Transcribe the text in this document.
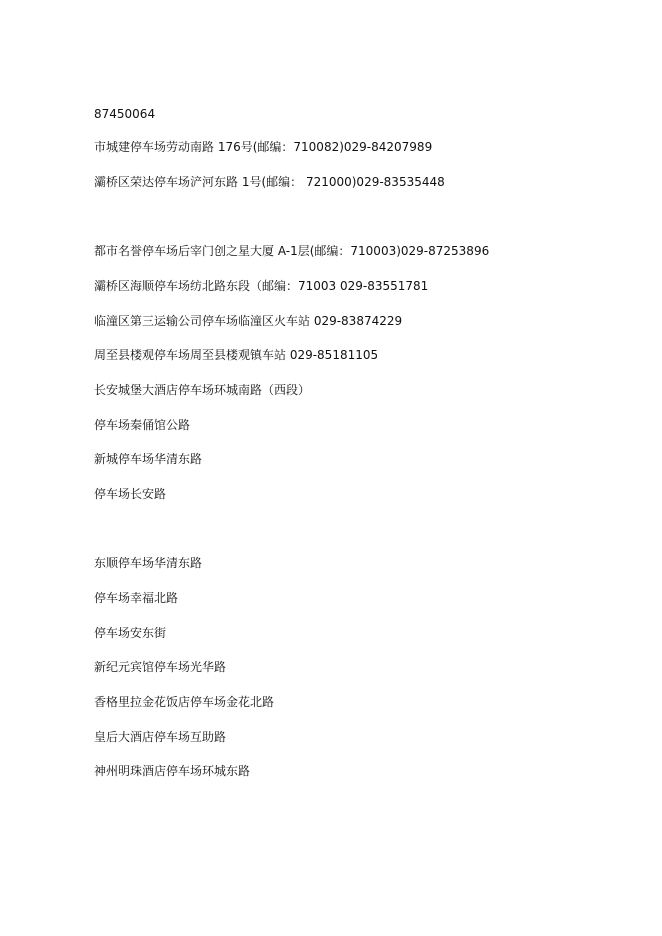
87450064
市城建停车场劳动南路 176号(邮编：710082)029-84207989
灞桥区荣达停车场浐河东路 1号(邮编： 721000)029-83535448
都市名誉停车场后宰门创之星大厦 A-1层(邮编：710003)029-87253896
灞桥区海顺停车场纺北路东段（邮编：71003 029-83551781
临潼区第三运输公司停车场临潼区火车站 029-83874229
周至县楼观停车场周至县楼观镇车站 029-85181105
长安城堡大酒店停车场环城南路（西段）
停车场秦俑馆公路
新城停车场华清东路
停车场长安路
东顺停车场华清东路
停车场幸福北路
停车场安东街
新纪元宾馆停车场光华路
香格里拉金花饭店停车场金花北路
皇后大酒店停车场互助路
神州明珠酒店停车场环城东路
